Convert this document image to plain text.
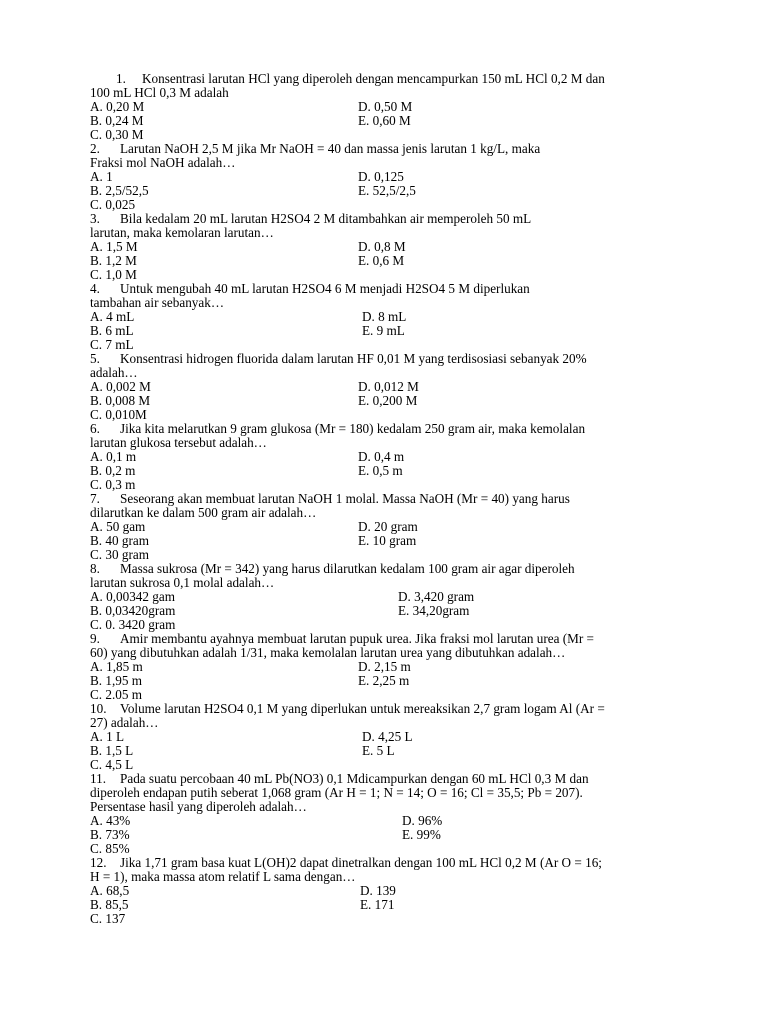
1. Konsentrasi larutan HCl yang diperoleh dengan mencampurkan 150 mL HCl 0,2 M dan
100 mL HCl 0,3 M adalah
A. 0,20 M	D. 0,50 M
B. 0,24 M	E. 0,60 M
C. 0,30 M
2. Larutan NaOH 2,5 M jika Mr NaOH = 40 dan massa jenis larutan 1 kg/L, maka
Fraksi mol NaOH adalah…
A. 1	D. 0,125
B. 2,5/52,5	E. 52,5/2,5
C. 0,025
3. Bila kedalam 20 mL larutan H2SO4 2 M ditambahkan air memperoleh 50 mL
larutan, maka kemolaran larutan…
A. 1,5 M	D. 0,8 M
B. 1,2 M	E. 0,6 M
C. 1,0 M
4. Untuk mengubah 40 mL larutan H2SO4 6 M menjadi H2SO4 5 M diperlukan
tambahan air sebanyak…
A. 4 mL	D. 8 mL
B. 6 mL	E. 9 mL
C. 7 mL
5. Konsentrasi hidrogen fluorida dalam larutan HF 0,01 M yang terdisosiasi sebanyak 20%
adalah…
A. 0,002 M	D. 0,012 M
B. 0,008 M	E. 0,200 M
C. 0,010M
6. Jika kita melarutkan 9 gram glukosa (Mr = 180) kedalam 250 gram air, maka kemolalan
larutan glukosa tersebut adalah…
A. 0,1 m	D. 0,4 m
B. 0,2 m	E. 0,5 m
C. 0,3 m
7. Seseorang akan membuat larutan NaOH 1 molal. Massa NaOH (Mr = 40) yang harus
dilarutkan ke dalam 500 gram air adalah…
A. 50 gam	D. 20 gram
B. 40 gram	E. 10 gram
C. 30 gram
8. Massa sukrosa (Mr = 342) yang harus dilarutkan kedalam 100 gram air agar diperoleh
larutan sukrosa 0,1 molal adalah…
A. 0,00342 gam	D. 3,420 gram
B. 0,03420gram	E. 34,20gram
C. 0. 3420 gram
9. Amir membantu ayahnya membuat larutan pupuk urea. Jika fraksi mol larutan urea (Mr =
60) yang dibutuhkan adalah 1/31, maka kemolalan larutan urea yang dibutuhkan adalah…
A. 1,85 m	D. 2,15 m
B. 1,95 m	E. 2,25 m
C. 2.05 m
10. Volume larutan H2SO4 0,1 M yang diperlukan untuk mereaksikan 2,7 gram logam Al (Ar =
27) adalah…
A. 1 L	D. 4,25 L
B. 1,5 L	E. 5 L
C. 4,5 L
11. Pada suatu percobaan 40 mL Pb(NO3) 0,1 Mdicampurkan dengan 60 mL HCl 0,3 M dan
diperoleh endapan putih seberat 1,068 gram (Ar H = 1; N = 14; O = 16; Cl = 35,5; Pb = 207).
Persentase hasil yang diperoleh adalah…
A. 43%	D. 96%
B. 73%	E. 99%
C. 85%
12. Jika 1,71 gram basa kuat L(OH)2 dapat dinetralkan dengan 100 mL HCl 0,2 M (Ar O = 16;
H = 1), maka massa atom relatif L sama dengan…
A. 68,5	D. 139
B. 85,5	E. 171
C. 137
